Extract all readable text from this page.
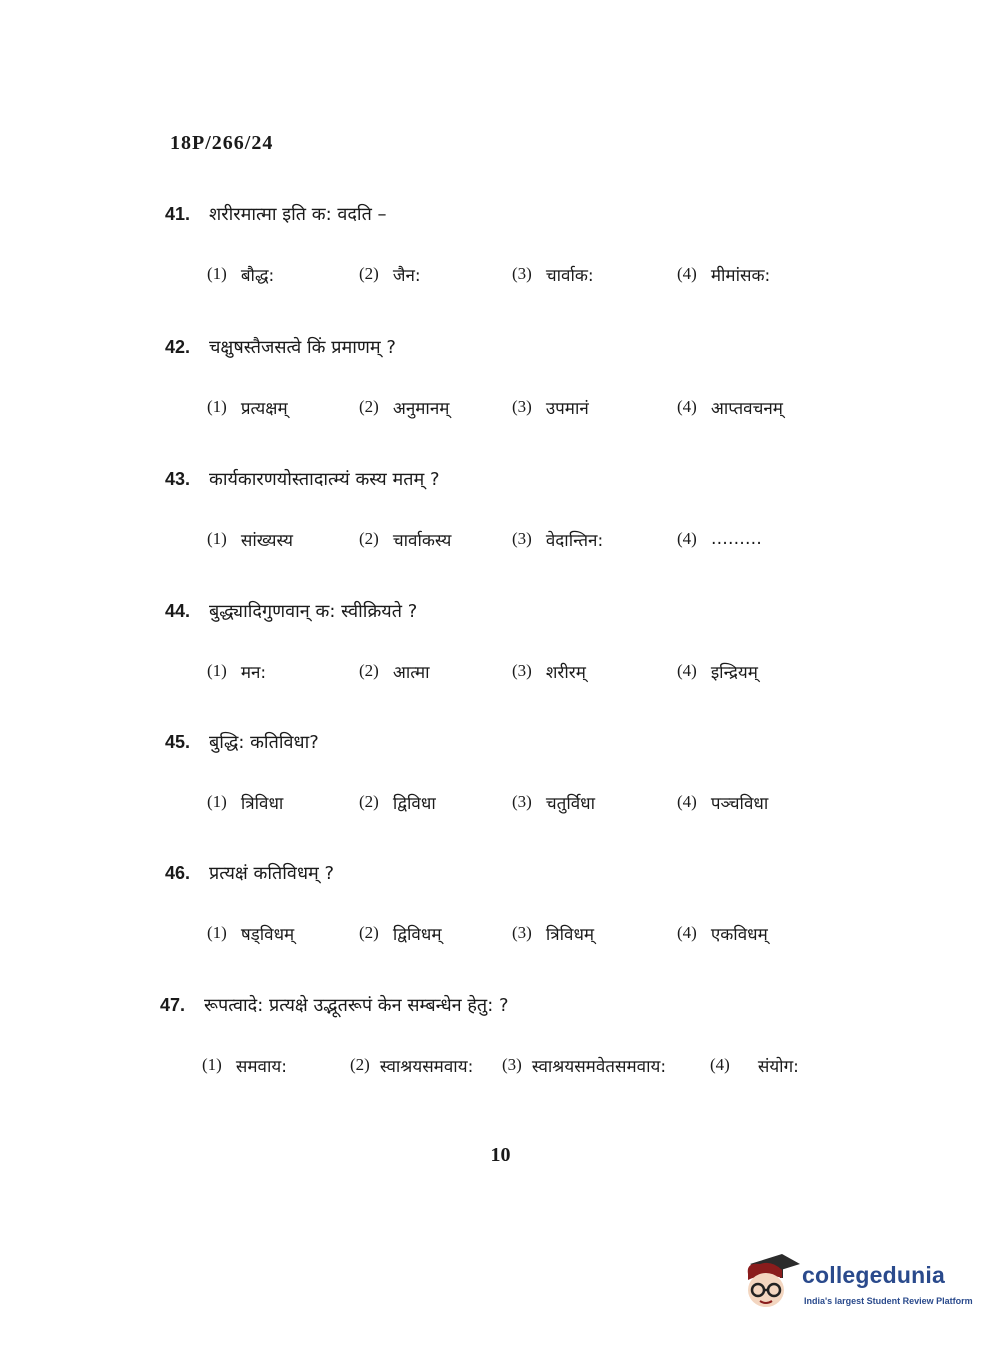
18P/266/24
41.	शरीरमात्मा इति क: वदति –
(1) बौद्ध:	(2) जैन:	(3) चार्वाक:	(4) मीमांसक:
42.	चक्षुषस्तैजसत्वे किं प्रमाणम् ?
(1) प्रत्यक्षम्	(2) अनुमानम्	(3) उपमानं	(4) आप्तवचनम्
43.	कार्यकारणयोस्तादात्म्यं कस्य मतम् ?
(1) सांख्यस्य	(2) चार्वाकस्य	(3) वेदान्तिन:	(4) ………
44.	बुद्ध्यादिगुणवान् क: स्वीक्रियते ?
(1) मन:	(2) आत्मा	(3) शरीरम्	(4) इन्द्रियम्
45.	बुद्धि: कतिविधा?
(1) त्रिविधा	(2) द्विविधा	(3) चतुर्विधा	(4) पञ्चविधा
46.	प्रत्यक्षं कतिविधम् ?
(1) षड्विधम्	(2) द्विविधम्	(3) त्रिविधम्	(4) एकविधम्
47.	रूपत्वादे: प्रत्यक्षे उद्भूतरूपं केन सम्बन्धेन हेतु: ?
(1) समवाय:	(2) स्वाश्रयसमवाय: (3) स्वाश्रयसमवेतसमवाय:	(4) संयोग:
10
collegedunia
India's largest Student Review Platform
